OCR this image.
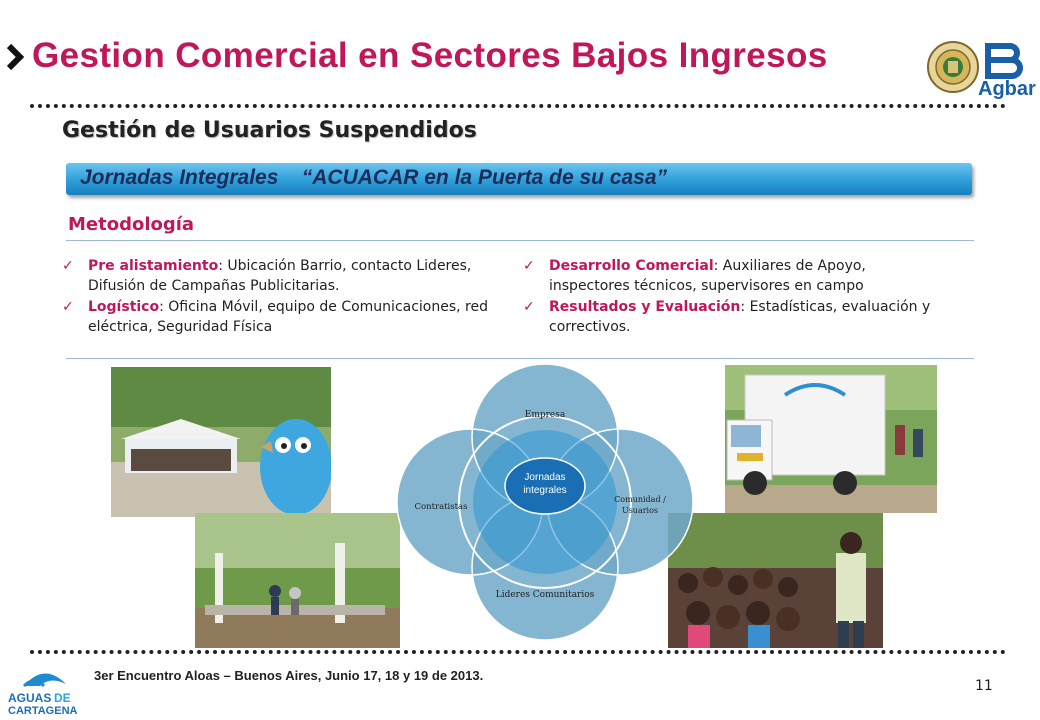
Gestion Comercial en Sectores Bajos Ingresos
Agbar
Gestión de Usuarios Suspendidos
Jornadas Integrales    “ACUACAR en la Puerta de su casa”
Metodología
✓ Pre alistamiento: Ubicación Barrio, contacto Lideres, Difusión de Campañas Publicitarias.
✓ Logístico: Oficina Móvil, equipo de Comunicaciones, red eléctrica, Seguridad Física
✓ Desarrollo Comercial: Auxiliares de Apoyo, inspectores técnicos, supervisores en campo
✓ Resultados y Evaluación: Estadísticas, evaluación y correctivos.
Jornadas
integrales
Empresa
Comunidad /
Usuarios
Lideres Comunitarios
Contratistas
AGUAS DE
CARTAGENA
3er Encuentro Aloas – Buenos Aires, Junio 17, 18 y 19 de 2013.
11
